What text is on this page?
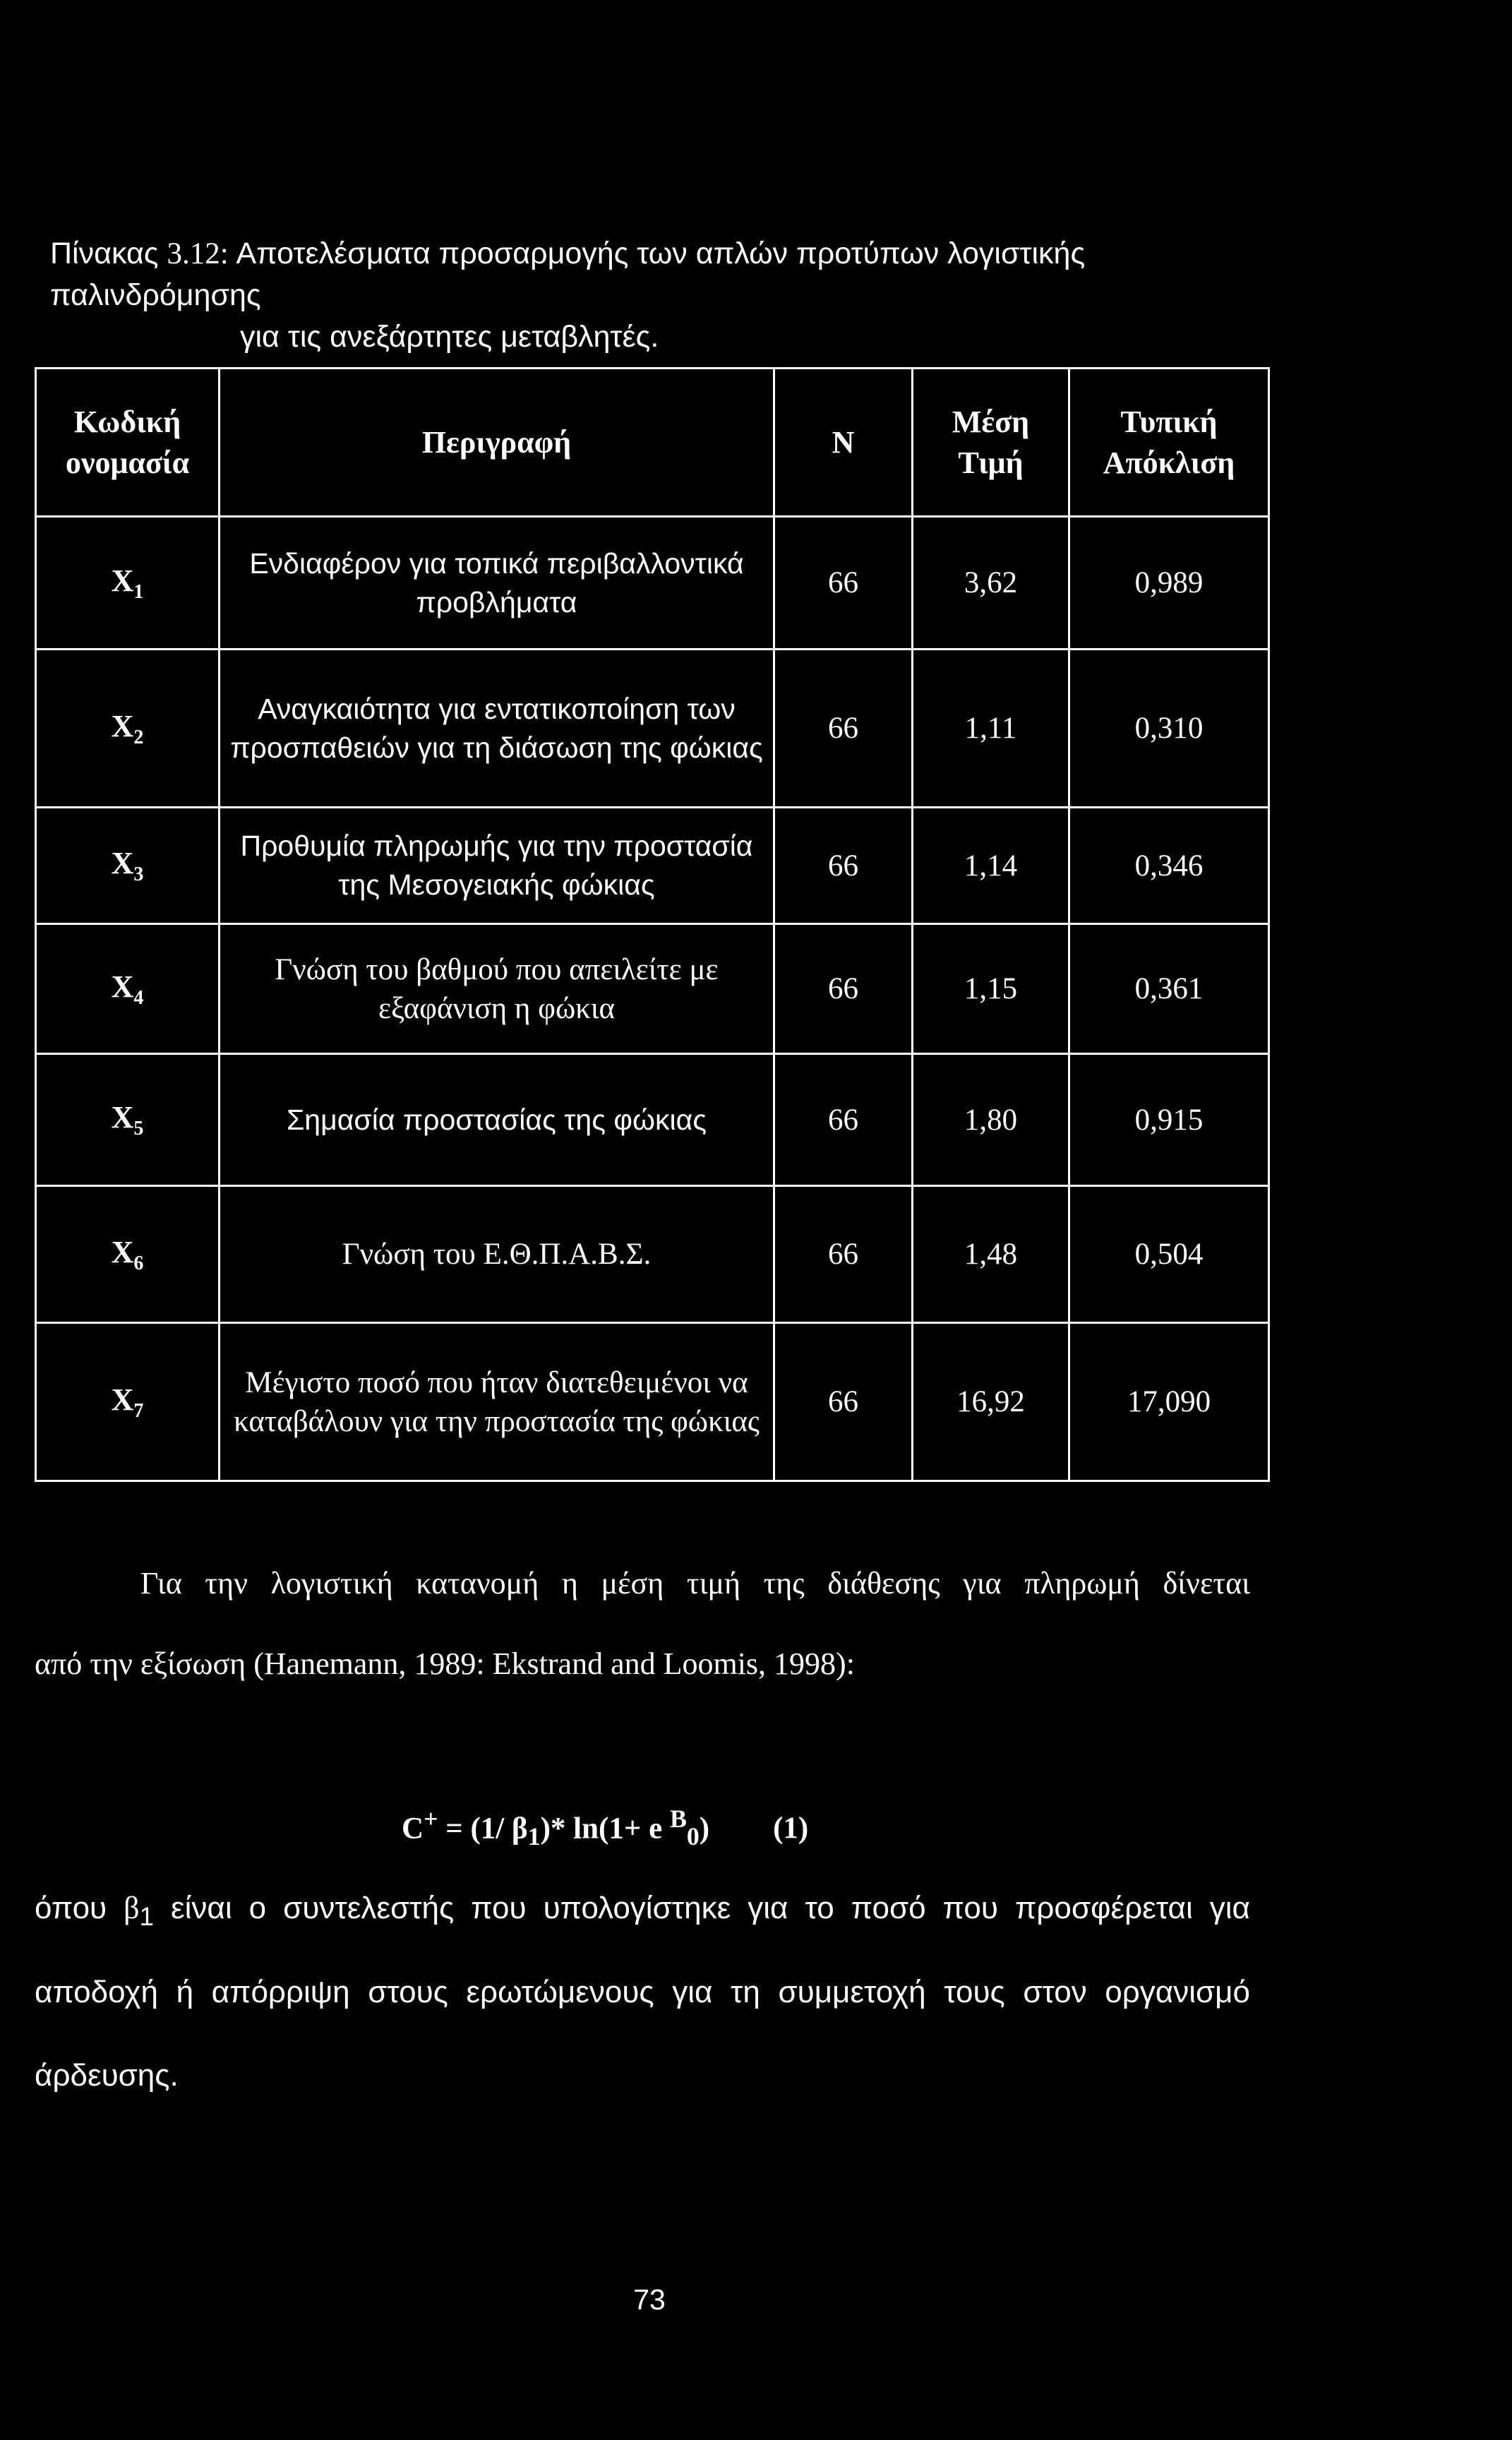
Πίνακας 3.12: Αποτελέσματα προσαρμογής των απλών προτύπων λογιστικής παλινδρόμησης
για τις ανεξάρτητες μεταβλητές.
Κωδική ονομασία	Περιγραφή	N	Μέση Τιμή	Τυπική Απόκλιση
$X_1$	Ενδιαφέρον για τοπικά περιβαλλοντικά προβλήματα	66	3,62	0,989
$X_2$	Αναγκαιότητα για εντατικοποίηση των προσπαθειών για τη διάσωση της φώκιας	66	1,11	0,310
$X_3$	Προθυμία πληρωμής για την προστασία της Μεσογειακής φώκιας	66	1,14	0,346
$X_4$	Γνώση του βαθμού που απειλείτε με εξαφάνιση η φώκια	66	1,15	0,361
$X_5$	Σημασία προστασίας της φώκιας	66	1,80	0,915
$X_6$	Γνώση του Ε.Θ.Π.Α.Β.Σ.	66	1,48	0,504
$X_7$	Μέγιστο ποσό που ήταν διατεθειμένοι να καταβάλουν για την προστασία της φώκιας	66	16,92	17,090
Για την λογιστική κατανομή η μέση τιμή της διάθεσης για πληρωμή δίνεται
από την εξίσωση (Hanemann, 1989: Ekstrand and Loomis, 1998):
C+ = (1/ $\beta_1)*$ ln(1+ e $^B_0$) (1)
όπου $\beta_1$ είναι ο συντελεστής που υπολογίστηκε για το ποσό που προσφέρεται για
αποδοχή ή απόρριψη στους ερωτώμενους για τη συμμετοχή τους στον οργανισμό
άρδευσης.
73
